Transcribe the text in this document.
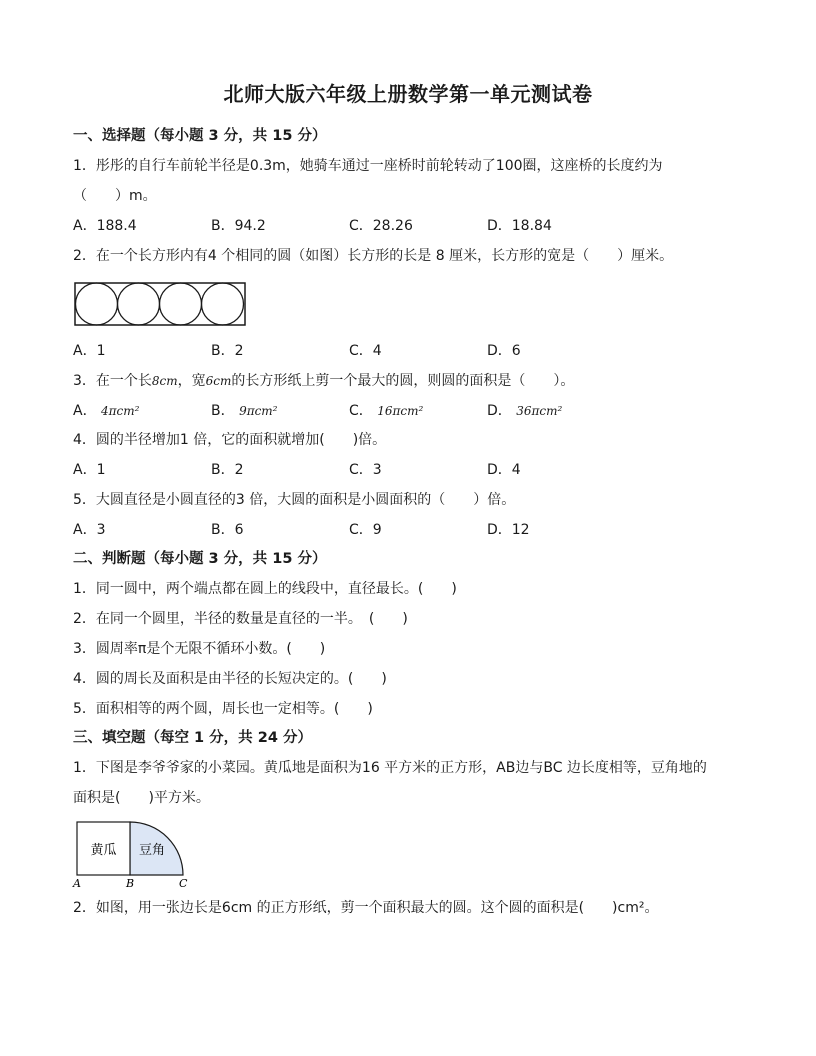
北师大版六年级上册数学第一单元测试卷
一、选择题（每小题 3 分，共 15 分）
1．彤彤的自行车前轮半径是0.3m，她骑车通过一座桥时前轮转动了100圈，这座桥的长度约为
（　　）m。
A．188.4	B．94.2	C．28.26	D．18.84
2．在一个长方形内有4 个相同的圆（如图）长方形的长是 8 厘米，长方形的宽是（　　）厘米。
A．1	B．2	C．4	D．6
3．在一个长8cm，宽6cm的长方形纸上剪一个最大的圆，则圆的面积是（　　）。
A． 4πcm²	B． 9πcm²	C． 16πcm²	D． 36πcm²
4．圆的半径增加1 倍，它的面积就增加(　　)倍。
A．1	B．2	C．3	D．4
5．大圆直径是小圆直径的3 倍，大圆的面积是小圆面积的（　　）倍。
A．3	B．6	C．9	D．12
二、判断题（每小题 3 分，共 15 分）
1．同一圆中，两个端点都在圆上的线段中，直径最长。(　　)
2．在同一个圆里，半径的数量是直径的一半。　(　　)
3．圆周率π是个无限不循环小数。(　　)
4．圆的周长及面积是由半径的长短决定的。(　　)
5．面积相等的两个圆，周长也一定相等。(　　)
三、填空题（每空 1 分，共 24 分）
1．下图是李爷爷家的小菜园。黄瓜地是面积为16 平方米的正方形，AB边与BC 边长度相等，豆角地的
面积是(　　)平方米。
黄瓜 豆角
A	B	C
2．如图，用一张边长是6cm 的正方形纸，剪一个面积最大的圆。这个圆的面积是(　　)cm²。
